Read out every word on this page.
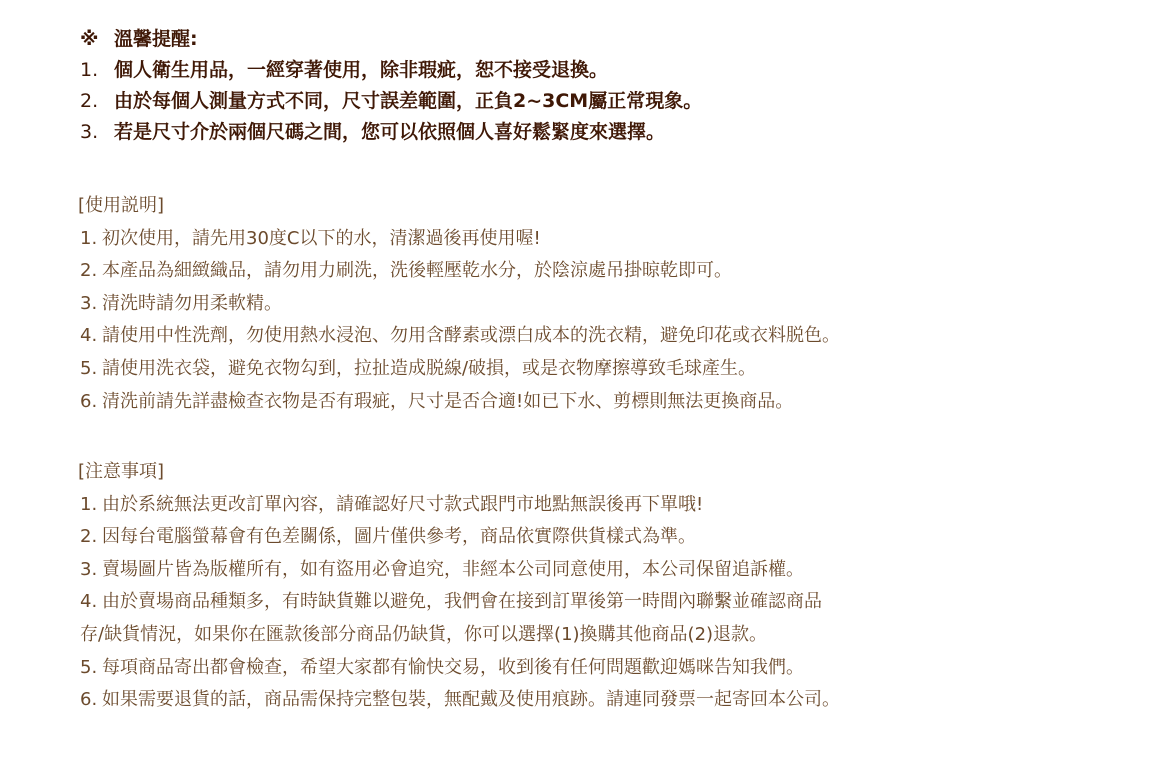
※ 溫馨提醒:
1. 個人衛生用品，一經穿著使用，除非瑕疵，恕不接受退換。
2. 由於每個人測量方式不同，尺寸誤差範圍，正負2~3CM屬正常現象。
3. 若是尺寸介於兩個尺碼之間，您可以依照個人喜好鬆緊度來選擇。
[使用説明]
1. 初次使用，請先用30度C以下的水，清潔過後再使用喔!
2. 本產品為細緻織品，請勿用力刷洗，洗後輕壓乾水分，於陰涼處吊掛晾乾即可。
3. 清洗時請勿用柔軟精。
4. 請使用中性洗劑，勿使用熱水浸泡、勿用含酵素或漂白成本的洗衣精，避免印花或衣料脱色。
5. 請使用洗衣袋，避免衣物勾到，拉扯造成脱線/破損，或是衣物摩擦導致毛球產生。
6. 清洗前請先詳盡檢查衣物是否有瑕疵，尺寸是否合適!如已下水、剪標則無法更換商品。
[注意事項]
1. 由於系統無法更改訂單內容，請確認好尺寸款式跟門市地點無誤後再下單哦!
2. 因每台電腦螢幕會有色差關係，圖片僅供參考，商品依實際供貨樣式為準。
3. 賣場圖片皆為版權所有，如有盜用必會追究，非經本公司同意使用，本公司保留追訴權。
4. 由於賣場商品種類多，有時缺貨難以避免，我們會在接到訂單後第一時間內聯繫並確認商品
存/缺貨情況，如果你在匯款後部分商品仍缺貨，你可以選擇(1)換購其他商品(2)退款。
5. 每項商品寄出都會檢查，希望大家都有愉快交易，收到後有任何問題歡迎媽咪告知我們。
6. 如果需要退貨的話，商品需保持完整包裝，無配戴及使用痕跡。請連同發票一起寄回本公司。
